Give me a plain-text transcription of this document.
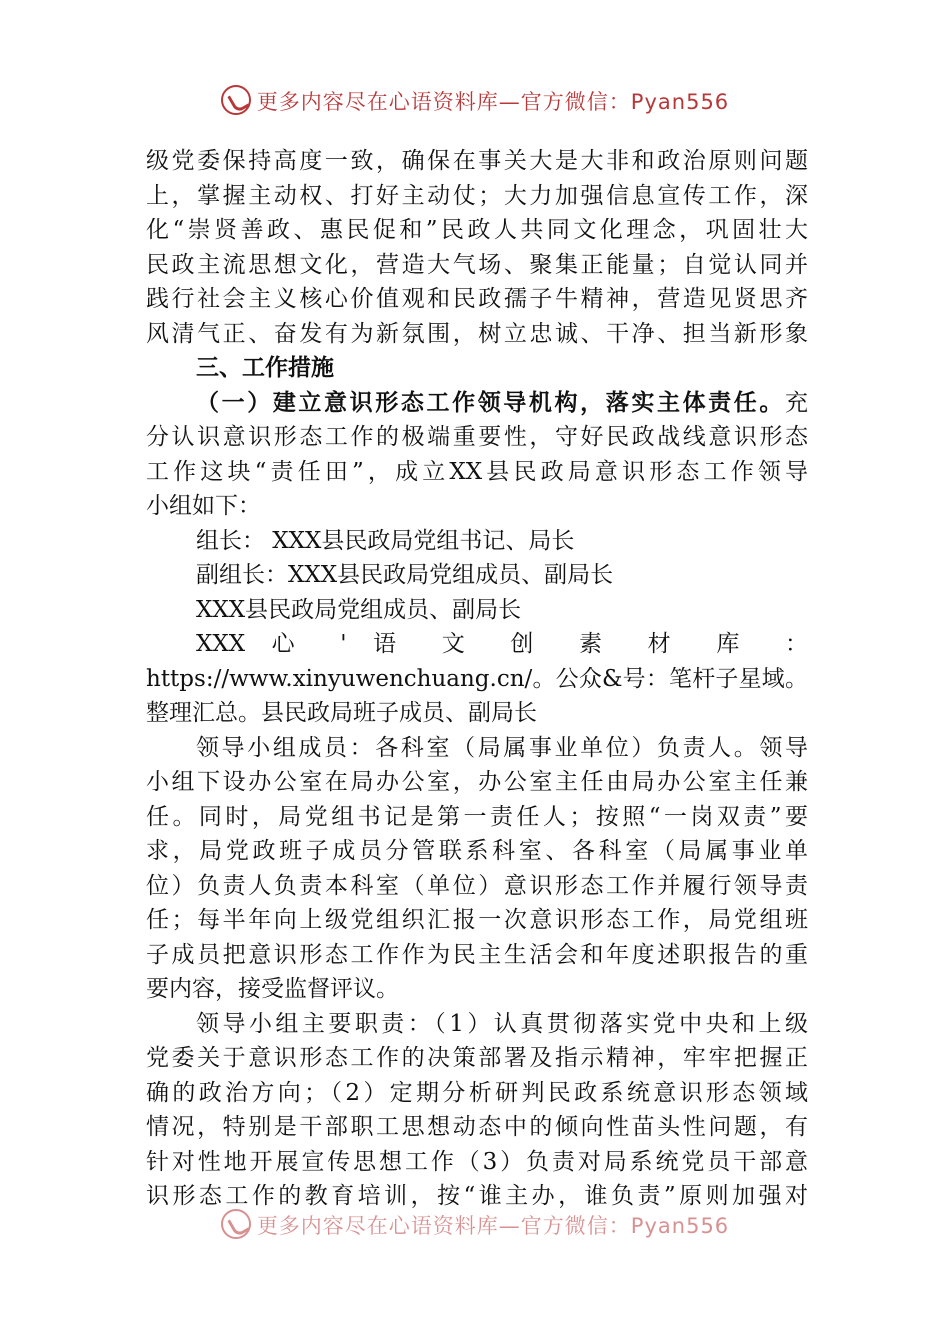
更多内容尽在心语资料库—官方微信：Pyan556
级党委保持高度一致，确保在事关大是大非和政治原则问题
上，掌握主动权、打好主动仗；大力加强信息宣传工作，深
化“崇贤善政、惠民促和”民政人共同文化理念，巩固壮大
民政主流思想文化，营造大气场、聚集正能量；自觉认同并
践行社会主义核心价值观和民政孺子牛精神，营造见贤思齐
风清气正、奋发有为新氛围，树立忠诚、干净、担当新形象
三、工作措施
（一）建立意识形态工作领导机构，落实主体责任。充
分认识意识形态工作的极端重要性，守好民政战线意识形态
工作这块“责任田”，成立XX县民政局意识形态工作领导
小组如下：
组长： XXX县民政局党组书记、局长
副组长：XXX县民政局党组成员、副局长
XXX县民政局党组成员、副局长
XXX 心 ' 语 文 创 素 材 库 ：
https://www.xinyuwenchuang.cn/。公众&号：笔杆子星域。
整理汇总。县民政局班子成员、副局长
领导小组成员：各科室（局属事业单位）负责人。领导
小组下设办公室在局办公室，办公室主任由局办公室主任兼
任。同时，局党组书记是第一责任人；按照“一岗双责”要
求，局党政班子成员分管联系科室、各科室（局属事业单
位）负责人负责本科室（单位）意识形态工作并履行领导责
任；每半年向上级党组织汇报一次意识形态工作，局党组班
子成员把意识形态工作作为民主生活会和年度述职报告的重
要内容，接受监督评议。
领导小组主要职责：（1）认真贯彻落实党中央和上级
党委关于意识形态工作的决策部署及指示精神，牢牢把握正
确的政治方向；（2）定期分析研判民政系统意识形态领域
情况，特别是干部职工思想动态中的倾向性苗头性问题，有
针对性地开展宣传思想工作（3）负责对局系统党员干部意
识形态工作的教育培训，按“谁主办，谁负责”原则加强对
更多内容尽在心语资料库—官方微信：Pyan556
